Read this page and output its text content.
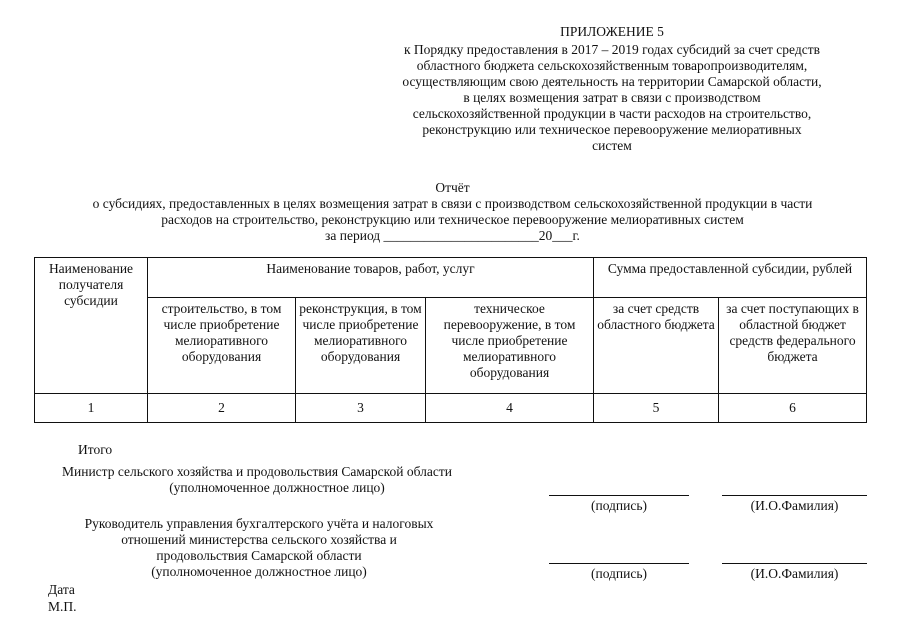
ПРИЛОЖЕНИЕ 5
к Порядку предоставления в 2017 – 2019 годах субсидий за счет средств
областного бюджета сельскохозяйственным товаропроизводителям,
осуществляющим свою деятельность на территории Самарской области,
в целях возмещения затрат в связи с производством
сельскохозяйственной продукции в части расходов на строительство,
реконструкцию или техническое перевооружение мелиоративных
систем
Отчёт
о субсидиях, предоставленных в целях возмещения затрат в связи с производством сельскохозяйственной продукции в части
расходов на строительство, реконструкцию или техническое перевооружение мелиоративных систем
за период _______________________20___г.
Наименование получателя субсидии	Наименование товаров, работ, услуг			Сумма предоставленной субсидии, рублей	
	строительство, в том числе приобретение мелиоративного оборудования	реконструкция, в том числе приобретение мелиоративного оборудования	техническое перевооружение, в том числе приобретение мелиоративного оборудования	за счет средств областного бюджета	за счет поступающих в областной бюджет средств федерального бюджета
1	2	3	4	5	6
Итого
Министр сельского хозяйства и продовольствия Самарской области
(уполномоченное должностное лицо)
(подпись)	(И.О.Фамилия)
Руководитель управления бухгалтерского учёта и налоговых
отношений министерства сельского хозяйства и
продовольствия Самарской области
(уполномоченное должностное лицо)	(подпись)	(И.О.Фамилия)
Дата
М.П.
